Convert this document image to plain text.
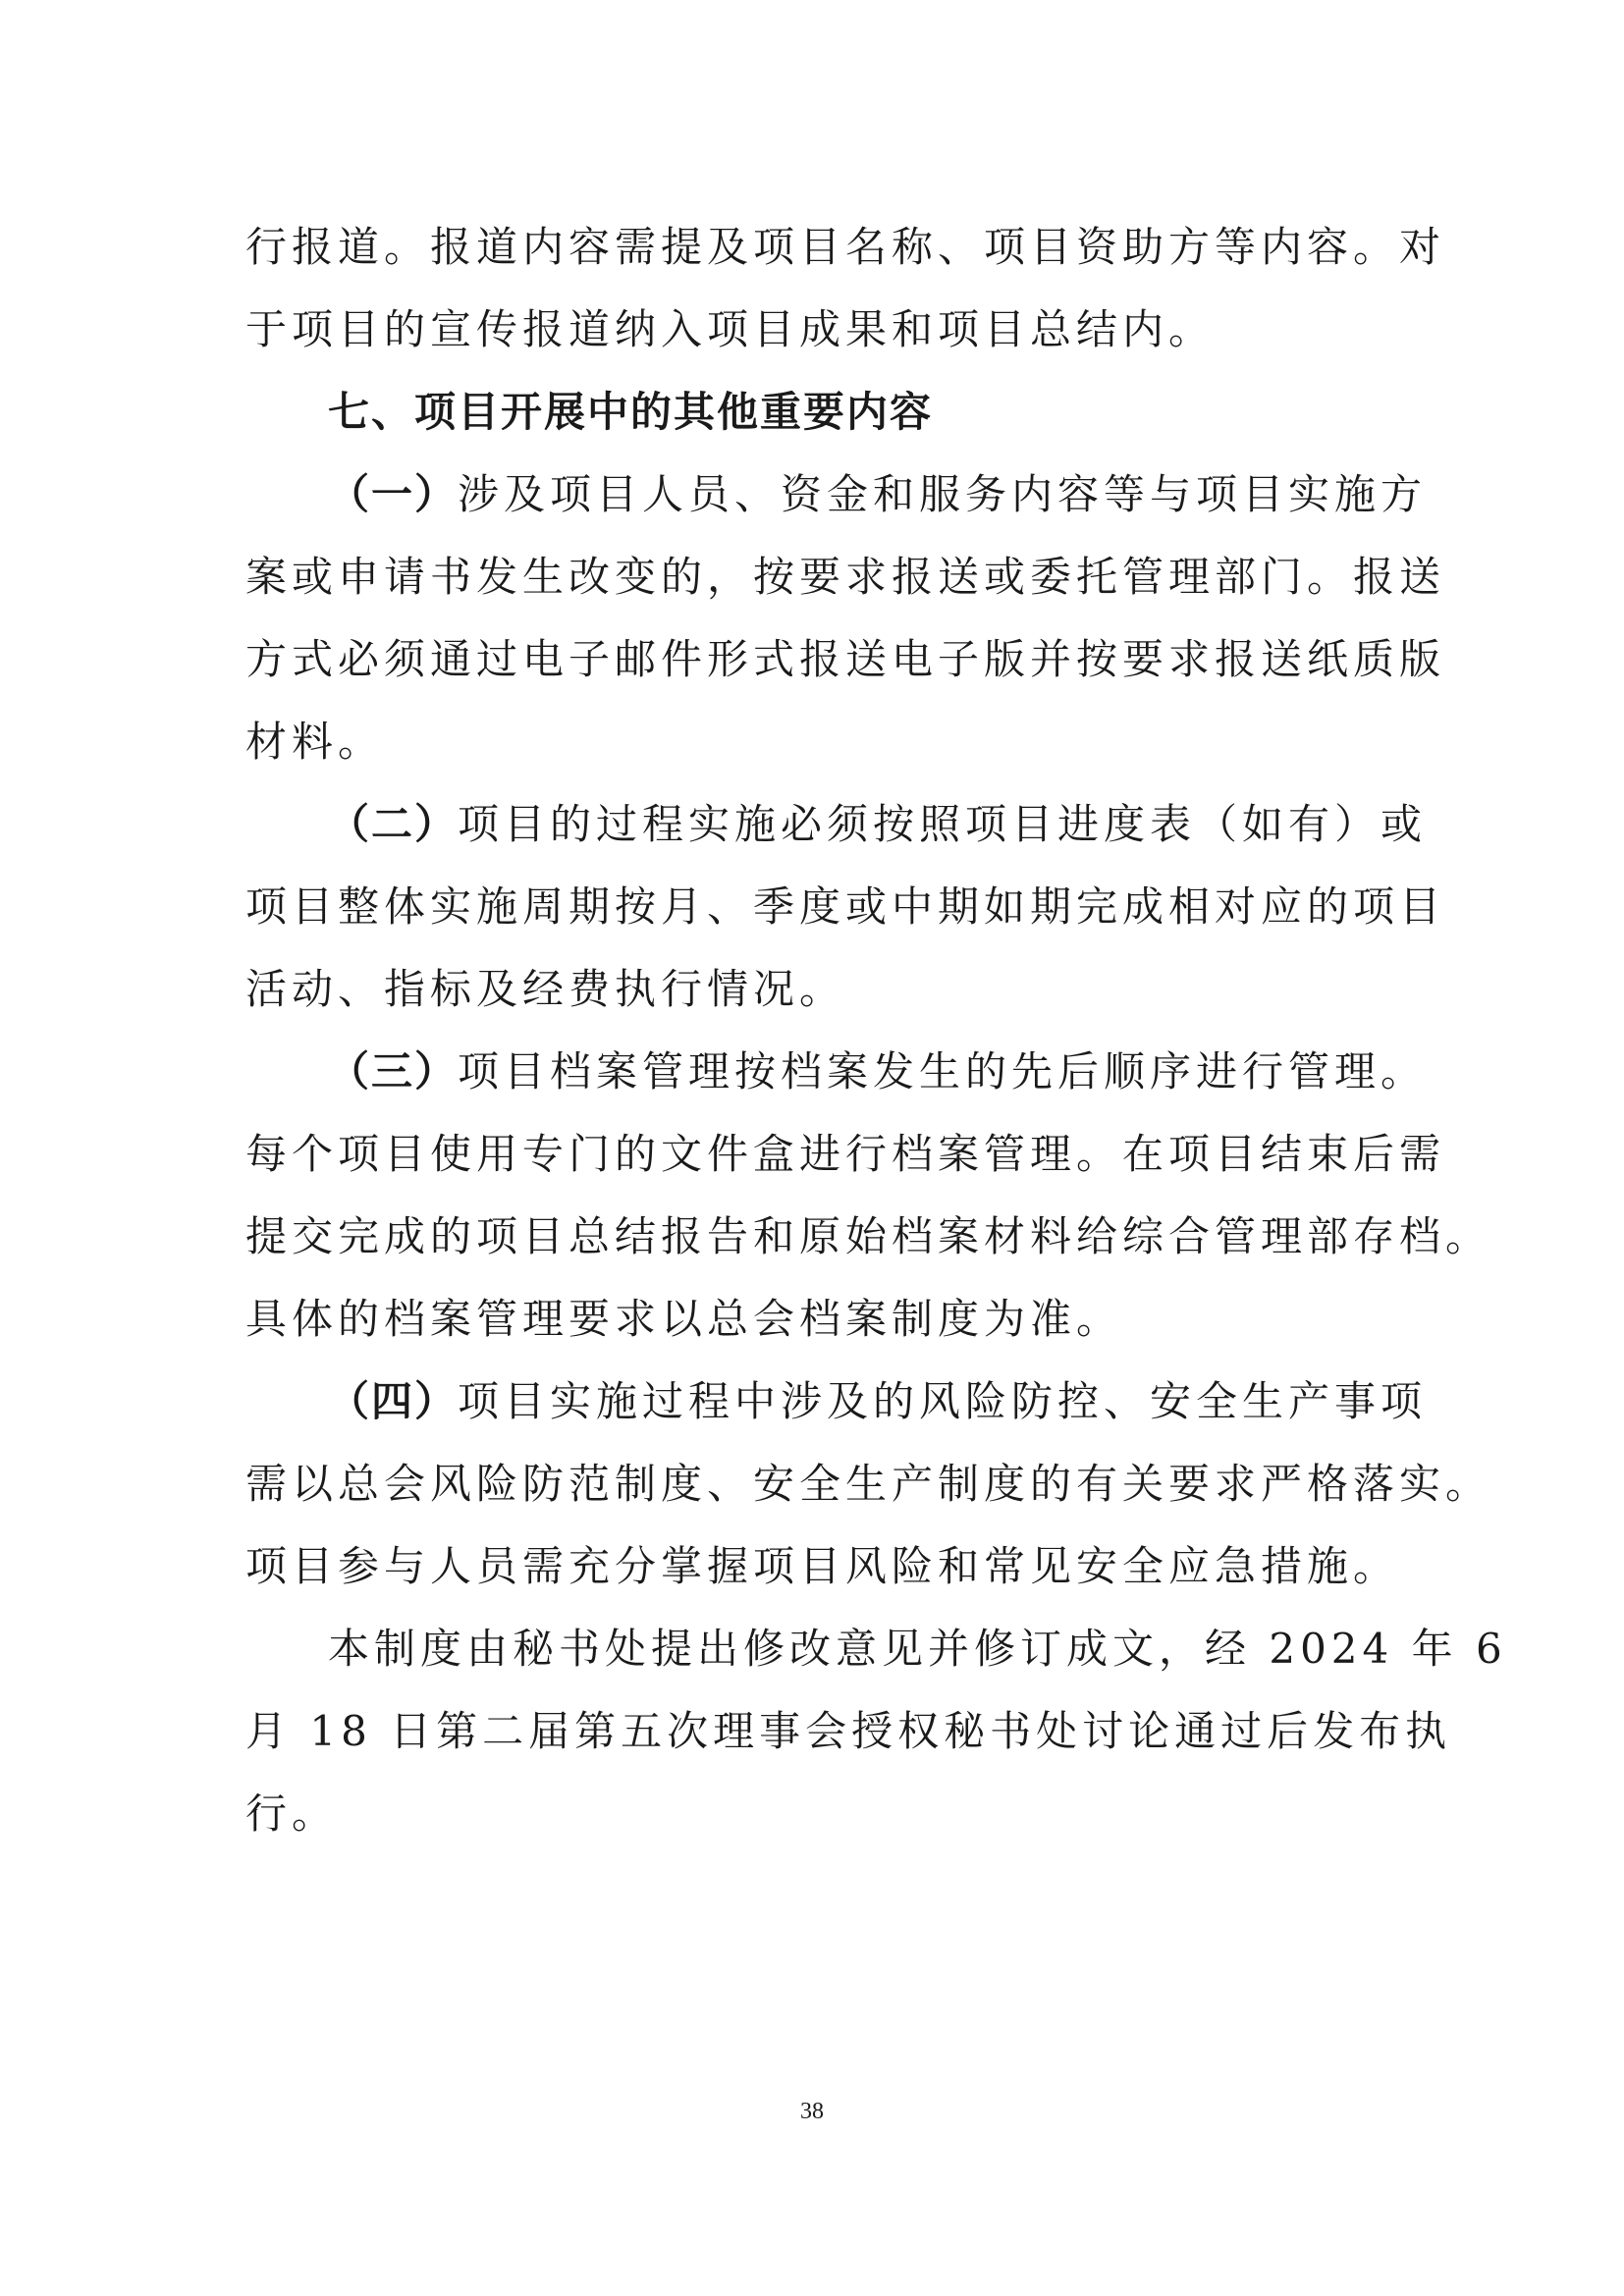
行报道。报道内容需提及项目名称、项目资助方等内容。对
于项目的宣传报道纳入项目成果和项目总结内。
七、项目开展中的其他重要内容
（一）涉及项目人员、资金和服务内容等与项目实施方
案或申请书发生改变的，按要求报送或委托管理部门。报送
方式必须通过电子邮件形式报送电子版并按要求报送纸质版
材料。
（二）项目的过程实施必须按照项目进度表（如有）或
项目整体实施周期按月、季度或中期如期完成相对应的项目
活动、指标及经费执行情况。
（三）项目档案管理按档案发生的先后顺序进行管理。
每个项目使用专门的文件盒进行档案管理。在项目结束后需
提交完成的项目总结报告和原始档案材料给综合管理部存档。
具体的档案管理要求以总会档案制度为准。
（四）项目实施过程中涉及的风险防控、安全生产事项
需以总会风险防范制度、安全生产制度的有关要求严格落实。
项目参与人员需充分掌握项目风险和常见安全应急措施。
本制度由秘书处提出修改意见并修订成文，经 2024 年 6
月 18 日第二届第五次理事会授权秘书处讨论通过后发布执
行。
38
